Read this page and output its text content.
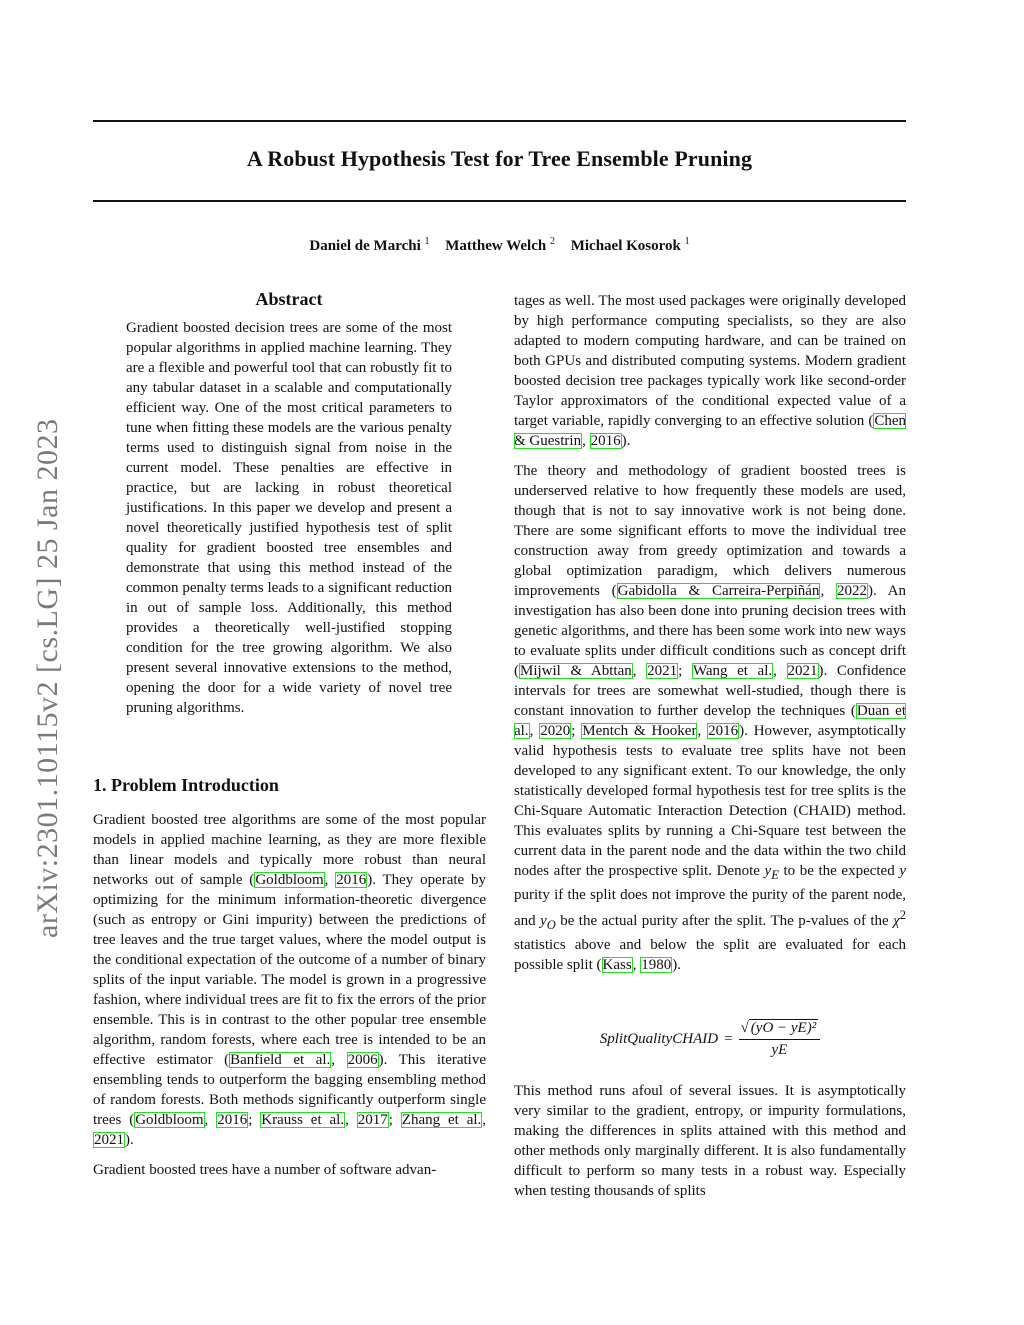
A Robust Hypothesis Test for Tree Ensemble Pruning
Daniel de Marchi $^1$ Matthew Welch $^2$ Michael Kosorok $^1$
arXiv:2301.10115v2 [cs.LG] 25 Jan 2023
Abstract
Gradient boosted decision trees are some of the most popular algorithms in applied machine learning. They are a flexible and powerful tool that can robustly fit to any tabular dataset in a scalable and computationally efficient way. One of the most critical parameters to tune when fitting these models are the various penalty terms used to distinguish signal from noise in the current model. These penalties are effective in practice, but are lacking in robust theoretical justifications. In this paper we develop and present a novel theoretically justified hypothesis test of split quality for gradient boosted tree ensembles and demonstrate that using this method instead of the common penalty terms leads to a significant reduction in out of sample loss. Additionally, this method provides a theoretically well-justified stopping condition for the tree growing algorithm. We also present several innovative extensions to the method, opening the door for a wide variety of novel tree pruning algorithms.
1. Problem Introduction

Gradient boosted tree algorithms are some of the most popular models in applied machine learning, as they are more flexible than linear models and typically more robust than neural networks out of sample (Goldbloom, 2016). They operate by optimizing for the minimum information-theoretic divergence (such as entropy or Gini impurity) between the predictions of tree leaves and the true target values, where the model output is the conditional expectation of the outcome of a number of binary splits of the input variable. The model is grown in a progressive fashion, where individual trees are fit to fix the errors of the prior ensemble. This is in contrast to the other popular tree ensemble algorithm, random forests, where each tree is intended to be an effective estimator (Banfield et al., 2006). This iterative ensembling tends to outperform the bagging ensembling method of random forests. Both methods significantly outperform single trees (Goldbloom, 2016; Krauss et al., 2017; Zhang et al., 2021).

Gradient boosted trees have a number of software advan-

tages as well. The most used packages were originally developed by high performance computing specialists, so they are also adapted to modern computing hardware, and can be trained on both GPUs and distributed computing systems. Modern gradient boosted decision tree packages typically work like second-order Taylor approximators of the conditional expected value of a target variable, rapidly converging to an effective solution (Chen & Guestrin, 2016).

The theory and methodology of gradient boosted trees is underserved relative to how frequently these models are used, though that is not to say innovative work is not being done. There are some significant efforts to move the individual tree construction away from greedy optimization and towards a global optimization paradigm, which delivers numerous improvements (Gabidolla & Carreira-Perpiñán, 2022). An investigation has also been done into pruning decision trees with genetic algorithms, and there has been some work into new ways to evaluate splits under difficult conditions such as concept drift (Mijwil & Abttan, 2021; Wang et al., 2021). Confidence intervals for trees are somewhat well-studied, though there is constant innovation to further develop the techniques (Duan et al., 2020; Mentch & Hooker, 2016). However, asymptotically valid hypothesis tests to evaluate tree splits have not been developed to any significant extent. To our knowledge, the only statistically developed formal hypothesis test for tree splits is the Chi-Square Automatic Interaction Detection (CHAID) method. This evaluates splits by running a Chi-Square test between the current data in the parent node and the data within the two child nodes after the prospective split. Denote $y_E$ to be the expected y purity if the split does not improve the purity of the parent node, and $y_O$ be the actual purity after the split. The p-values of the $\chi^2$ statistics above and below the split are evaluated for each possible split (Kass, 1980).

SplitQualityCHAID = $\frac{\text{√ (yO − yE)²}}{yE}$
This method runs afoul of several issues. It is asymptotically very similar to the gradient, entropy, or impurity formulations, making the differences in splits attained with this method and other methods only marginally different. It is also fundamentally difficult to perform so many tests in a robust way. Especially when testing thousands of splits
